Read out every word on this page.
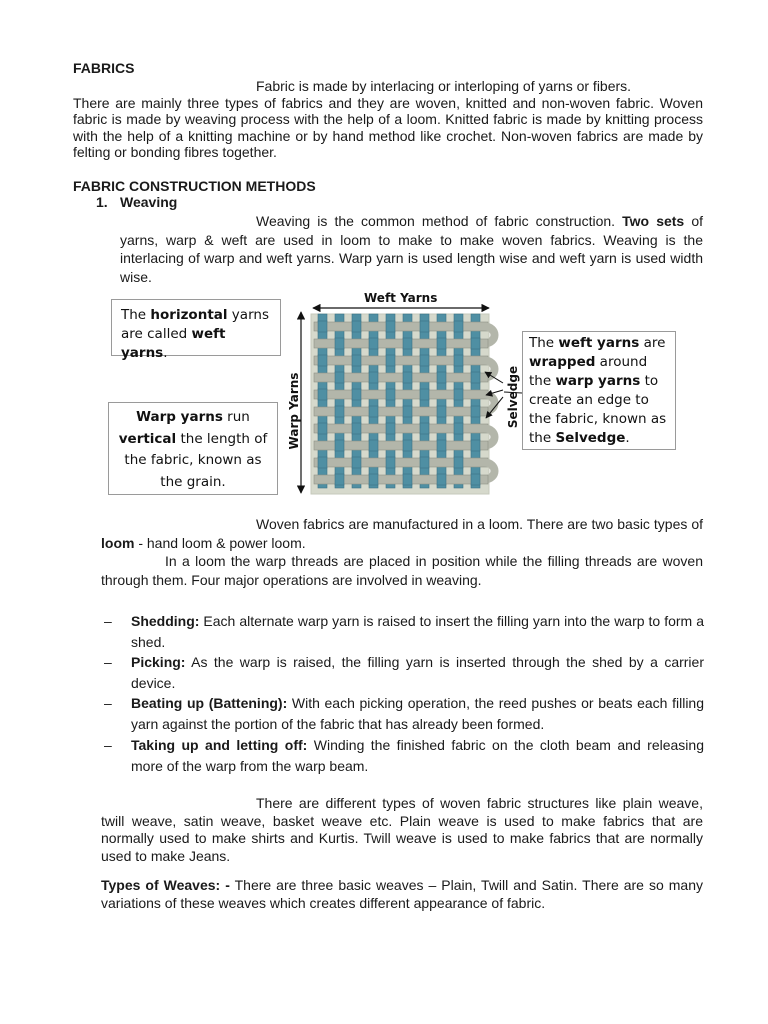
FABRICS

Fabric is made by interlacing or interloping of yarns or fibers.

There are mainly three types of fabrics and they are woven, knitted and non-woven fabric. Woven fabric is made by weaving process with the help of a loom. Knitted fabric is made by knitting process with the help of a knitting machine or by hand method like crochet. Non-woven fabrics are made by felting or bonding fibres together.

FABRIC CONSTRUCTION METHODS
1. Weaving

Weaving is the common method of fabric construction. Two sets of yarns, warp & weft are used in loom to make to make woven fabrics. Weaving is the interlacing of warp and weft yarns. Warp yarn is used length wise and weft yarn is used width wise.

Weft Yarns
Warp Yarns	Selvedge
The horizontal yarns are called weft yarns.
Warp yarns run vertical the length of the fabric, known as the grain.
The weft yarns are wrapped around the warp yarns to create an edge to the fabric, known as the Selvedge.

Woven fabrics are manufactured in a loom. There are two basic types of loom - hand loom & power loom.

In a loom the warp threads are placed in position while the filling threads are woven through them. Four major operations are involved in weaving.

– Shedding: Each alternate warp yarn is raised to insert the filling yarn into the warp to form a shed.
– Picking: As the warp is raised, the filling yarn is inserted through the shed by a carrier device.
– Beating up (Battening): With each picking operation, the reed pushes or beats each filling yarn against the portion of the fabric that has already been formed.
– Taking up and letting off: Winding the finished fabric on the cloth beam and releasing more of the warp from the warp beam.

There are different types of woven fabric structures like plain weave, twill weave, satin weave, basket weave etc. Plain weave is used to make fabrics that are normally used to make shirts and Kurtis. Twill weave is used to make fabrics that are normally used to make Jeans.

Types of Weaves: - There are three basic weaves – Plain, Twill and Satin. There are so many variations of these weaves which creates different appearance of fabric.
